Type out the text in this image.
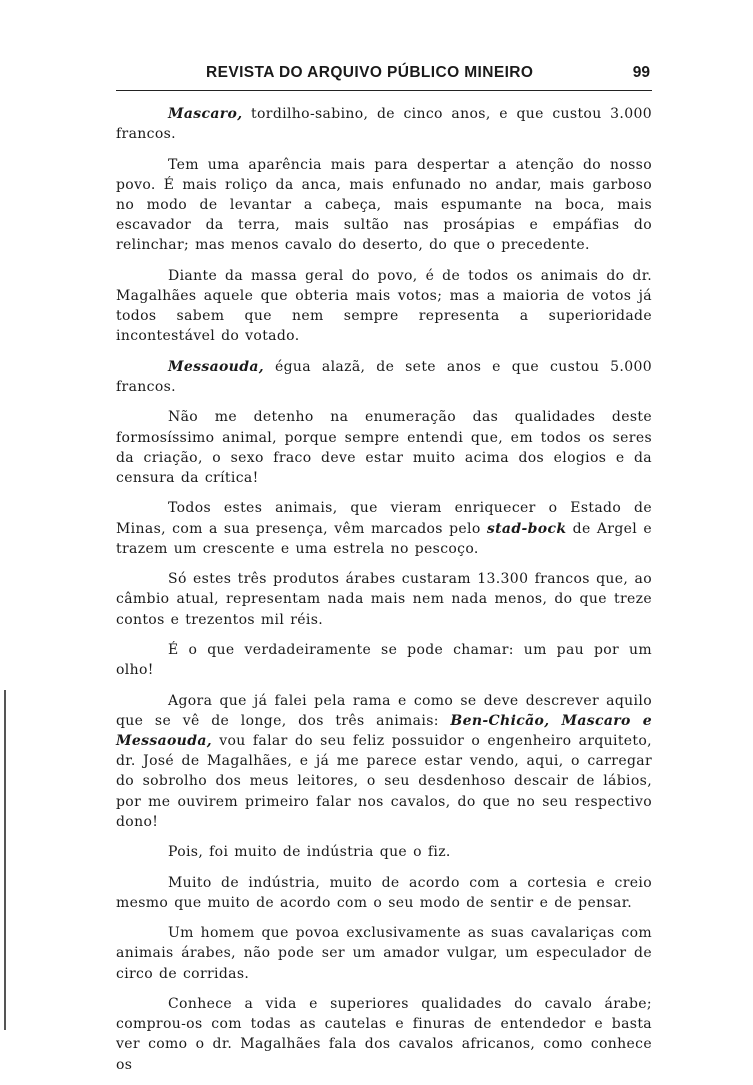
REVISTA DO ARQUIVO PÚBLICO MINEIRO	99

Mascaro, tordilho-sabino, de cinco anos, e que custou 3.000 francos.

Tem uma aparência mais para despertar a atenção do nosso povo. É mais roliço da anca, mais enfunado no andar, mais garboso no modo de levantar a cabeça, mais espumante na boca, mais escavador da terra, mais sultão nas prosápias e empáfias do relinchar; mas menos cavalo do deserto, do que o precedente.

Diante da massa geral do povo, é de todos os animais do dr. Magalhães aquele que obteria mais votos; mas a maioria de votos já todos sabem que nem sempre representa a superioridade incontestável do votado.

Messaouda, égua alazã, de sete anos e que custou 5.000 francos.

Não me detenho na enumeração das qualidades deste formosíssimo animal, porque sempre entendi que, em todos os seres da criação, o sexo fraco deve estar muito acima dos elogios e da censura da crítica!

Todos estes animais, que vieram enriquecer o Estado de Minas, com a sua presença, vêm marcados pelo stad-bock de Argel e trazem um crescente e uma estrela no pescoço.

Só estes três produtos árabes custaram 13.300 francos que, ao câmbio atual, representam nada mais nem nada menos, do que treze contos e trezentos mil réis.

É o que verdadeiramente se pode chamar: um pau por um olho!

Agora que já falei pela rama e como se deve descrever aquilo que se vê de longe, dos três animais: Ben-Chicão, Mascaro e Messaouda, vou falar do seu feliz possuidor o engenheiro arquiteto, dr. José de Magalhães, e já me parece estar vendo, aqui, o carregar do sobrolho dos meus leitores, o seu desdenhoso descair de lábios, por me ouvirem primeiro falar nos cavalos, do que no seu respectivo dono!

Pois, foi muito de indústria que o fiz.

Muito de indústria, muito de acordo com a cortesia e creio mesmo que muito de acordo com o seu modo de sentir e de pensar.

Um homem que povoa exclusivamente as suas cavalariças com animais árabes, não pode ser um amador vulgar, um especulador de circo de corridas.

Conhece a vida e superiores qualidades do cavalo árabe; comprou-os com todas as cautelas e finuras de entendedor e basta ver como o dr. Magalhães fala dos cavalos africanos, como conhece os
